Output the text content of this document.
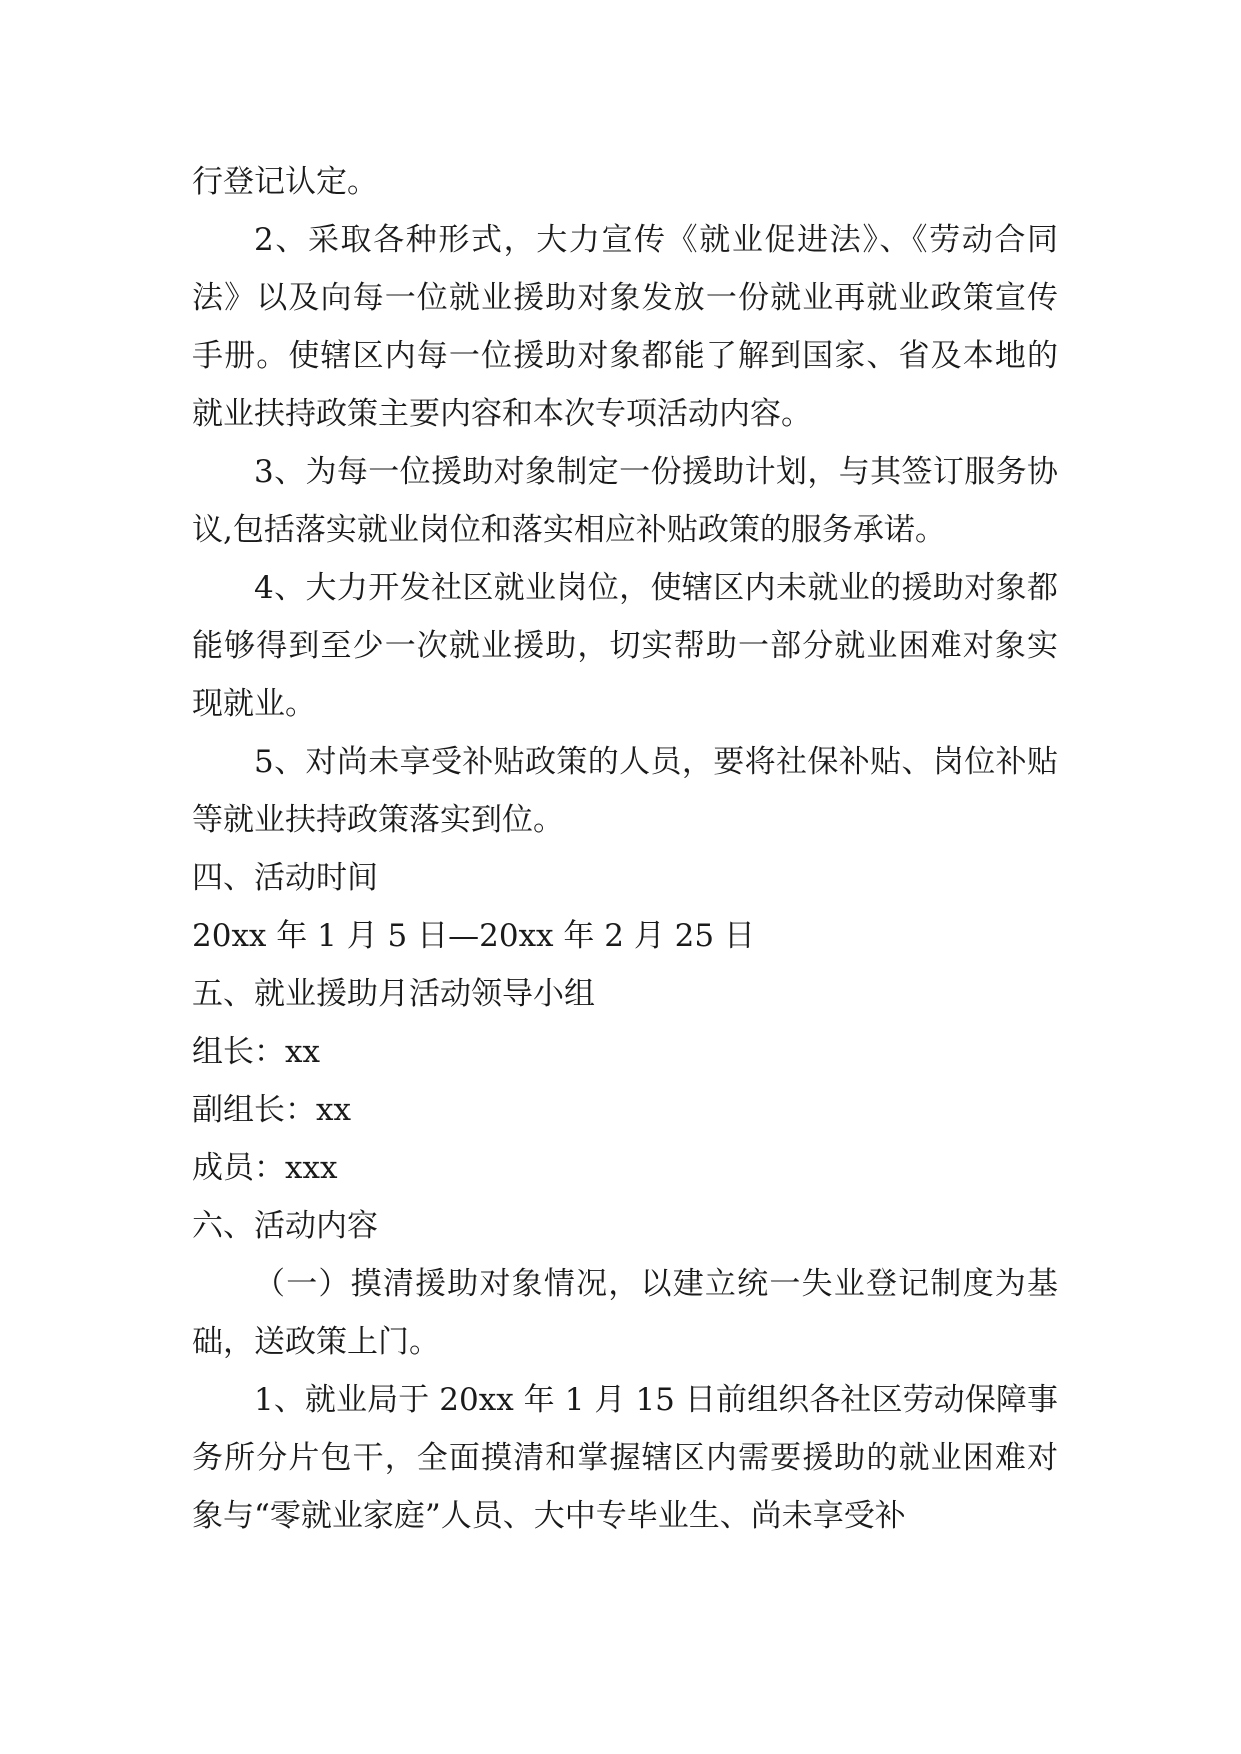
行登记认定。

2、采取各种形式，大力宣传《就业促进法》、《劳动合同法》以及向每一位就业援助对象发放一份就业再就业政策宣传手册。使辖区内每一位援助对象都能了解到国家、省及本地的就业扶持政策主要内容和本次专项活动内容。

3、为每一位援助对象制定一份援助计划，与其签订服务协议,包括落实就业岗位和落实相应补贴政策的服务承诺。

4、大力开发社区就业岗位，使辖区内未就业的援助对象都能够得到至少一次就业援助，切实帮助一部分就业困难对象实现就业。

5、对尚未享受补贴政策的人员，要将社保补贴、岗位补贴等就业扶持政策落实到位。

四、活动时间

20xx 年 1 月 5 日—20xx 年 2 月 25 日

五、就业援助月活动领导小组

组长：xx

副组长：xx

成员：xxx

六、活动内容

（一）摸清援助对象情况，以建立统一失业登记制度为基础，送政策上门。

1、就业局于 20xx 年 1 月 15 日前组织各社区劳动保障事务所分片包干，全面摸清和掌握辖区内需要援助的就业困难对象与“零就业家庭”人员、大中专毕业生、尚未享受补
